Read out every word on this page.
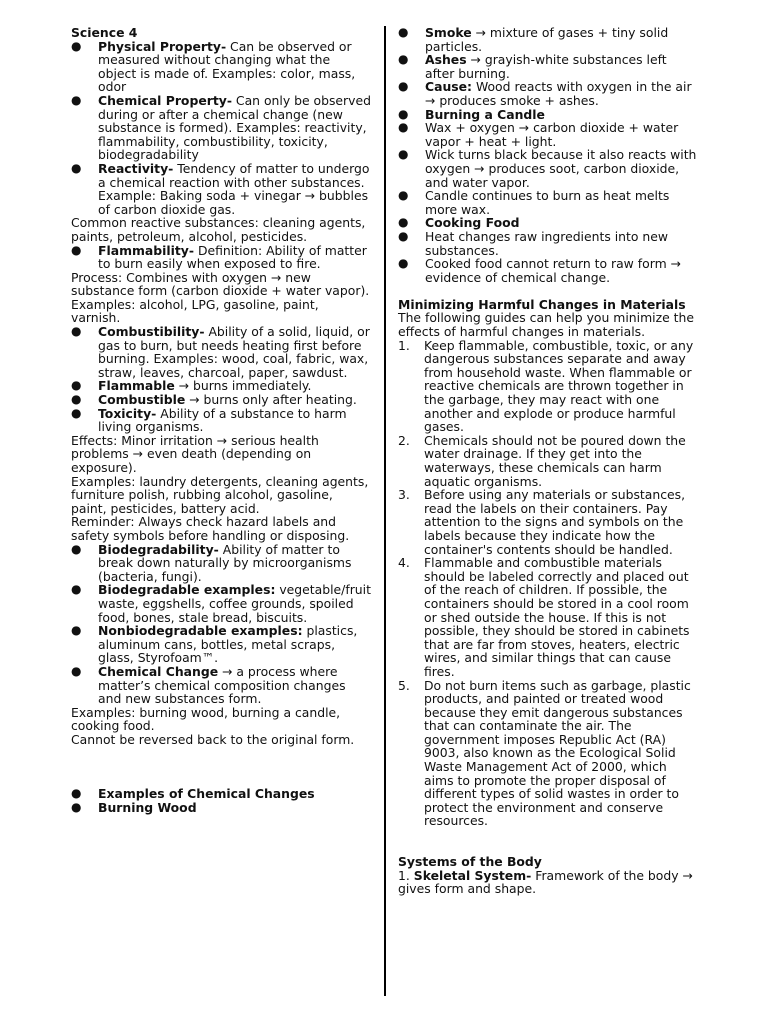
Science 4

● Physical Property- Can be observed or measured without changing what the object is made of. Examples: color, mass, odor

● Chemical Property- Can only be observed during or after a chemical change (new substance is formed). Examples: reactivity, flammability, combustibility, toxicity, biodegradability

● Reactivity- Tendency of matter to undergo a chemical reaction with other substances. Example: Baking soda + vinegar → bubbles of carbon dioxide gas.

Common reactive substances: cleaning agents, paints, petroleum, alcohol, pesticides.

● Flammability- Definition: Ability of matter to burn easily when exposed to fire.

Process: Combines with oxygen → new substance form (carbon dioxide + water vapor).

Examples: alcohol, LPG, gasoline, paint, varnish.

● Combustibility- Ability of a solid, liquid, or gas to burn, but needs heating first before burning. Examples: wood, coal, fabric, wax, straw, leaves, charcoal, paper, sawdust.

● Flammable → burns immediately.

● Combustible → burns only after heating.

● Toxicity- Ability of a substance to harm living organisms.

Effects: Minor irritation → serious health problems → even death (depending on exposure).

Examples: laundry detergents, cleaning agents, furniture polish, rubbing alcohol, gasoline, paint, pesticides, battery acid.

Reminder: Always check hazard labels and safety symbols before handling or disposing.

● Biodegradability- Ability of matter to break down naturally by microorganisms (bacteria, fungi).

● Biodegradable examples: vegetable/fruit waste, eggshells, coffee grounds, spoiled food, bones, stale bread, biscuits.

● Nonbiodegradable examples: plastics, aluminum cans, bottles, metal scraps, glass, Styrofoam™.

● Chemical Change → a process where matter’s chemical composition changes and new substances form.

Examples: burning wood, burning a candle, cooking food.

Cannot be reversed back to the original form.

● Examples of Chemical Changes

● Burning Wood

● Smoke → mixture of gases + tiny solid particles.

● Ashes → grayish-white substances left after burning.

● Cause: Wood reacts with oxygen in the air → produces smoke + ashes.

● Burning a Candle

● Wax + oxygen → carbon dioxide + water vapor + heat + light.

● Wick turns black because it also reacts with oxygen → produces soot, carbon dioxide, and water vapor.

● Candle continues to burn as heat melts more wax.

● Cooking Food

● Heat changes raw ingredients into new substances.

● Cooked food cannot return to raw form → evidence of chemical change.

Minimizing Harmful Changes in Materials

The following guides can help you minimize the effects of harmful changes in materials.

1. Keep flammable, combustible, toxic, or any dangerous substances separate and away from household waste. When flammable or reactive chemicals are thrown together in the garbage, they may react with one another and explode or produce harmful gases.

2. Chemicals should not be poured down the water drainage. If they get into the waterways, these chemicals can harm aquatic organisms.

3. Before using any materials or substances, read the labels on their containers. Pay attention to the signs and symbols on the labels because they indicate how the container's contents should be handled.

4. Flammable and combustible materials should be labeled correctly and placed out of the reach of children. If possible, the containers should be stored in a cool room or shed outside the house. If this is not possible, they should be stored in cabinets that are far from stoves, heaters, electric wires, and similar things that can cause fires.

5. Do not burn items such as garbage, plastic products, and painted or treated wood because they emit dangerous substances that can contaminate the air. The government imposes Republic Act (RA) 9003, also known as the Ecological Solid Waste Management Act of 2000, which aims to promote the proper disposal of different types of solid wastes in order to protect the environment and conserve resources.

Systems of the Body

1. Skeletal System- Framework of the body → gives form and shape.
